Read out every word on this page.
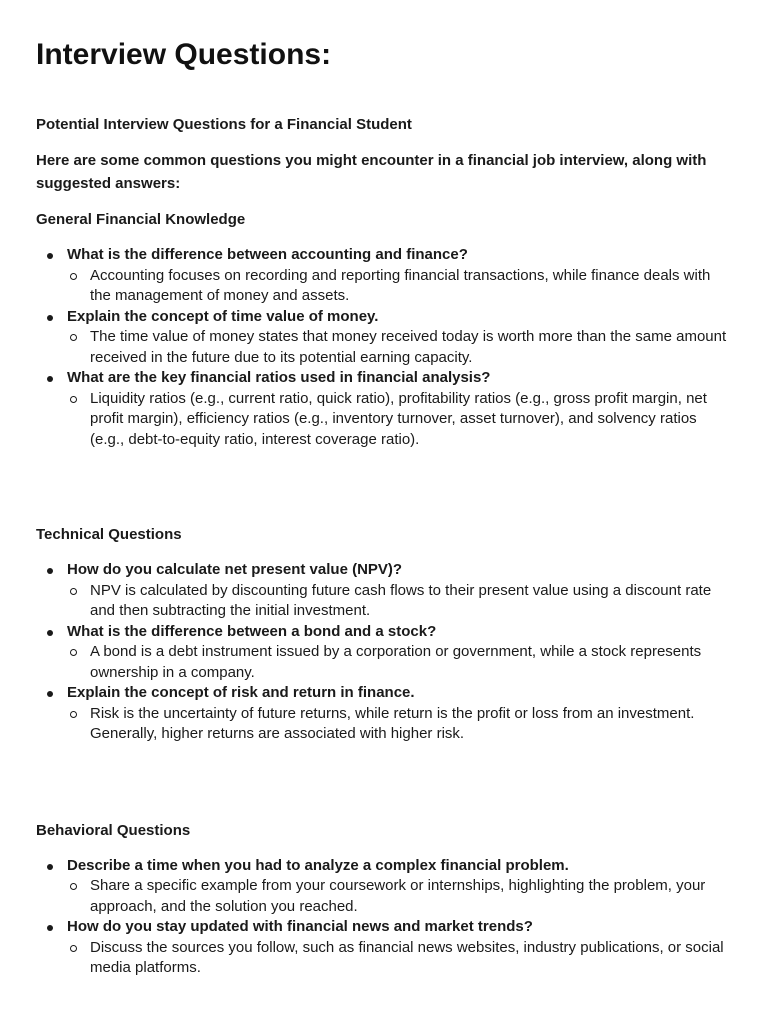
Interview Questions:

Potential Interview Questions for a Financial Student

Here are some common questions you might encounter in a financial job interview, along with suggested answers:

General Financial Knowledge

What is the difference between accounting and finance?
Accounting focuses on recording and reporting financial transactions, while finance deals with the management of money and assets.
Explain the concept of time value of money.
The time value of money states that money received today is worth more than the same amount received in the future due to its potential earning capacity.
What are the key financial ratios used in financial analysis?
Liquidity ratios (e.g., current ratio, quick ratio), profitability ratios (e.g., gross profit margin, net profit margin), efficiency ratios (e.g., inventory turnover, asset turnover), and solvency ratios (e.g., debt-to-equity ratio, interest coverage ratio).

Technical Questions

How do you calculate net present value (NPV)?
NPV is calculated by discounting future cash flows to their present value using a discount rate and then subtracting the initial investment.
What is the difference between a bond and a stock?
A bond is a debt instrument issued by a corporation or government, while a stock represents ownership in a company.
Explain the concept of risk and return in finance.
Risk is the uncertainty of future returns, while return is the profit or loss from an investment. Generally, higher returns are associated with higher risk.

Behavioral Questions

Describe a time when you had to analyze a complex financial problem.
Share a specific example from your coursework or internships, highlighting the problem, your approach, and the solution you reached.
How do you stay updated with financial news and market trends?
Discuss the sources you follow, such as financial news websites, industry publications, or social media platforms.
